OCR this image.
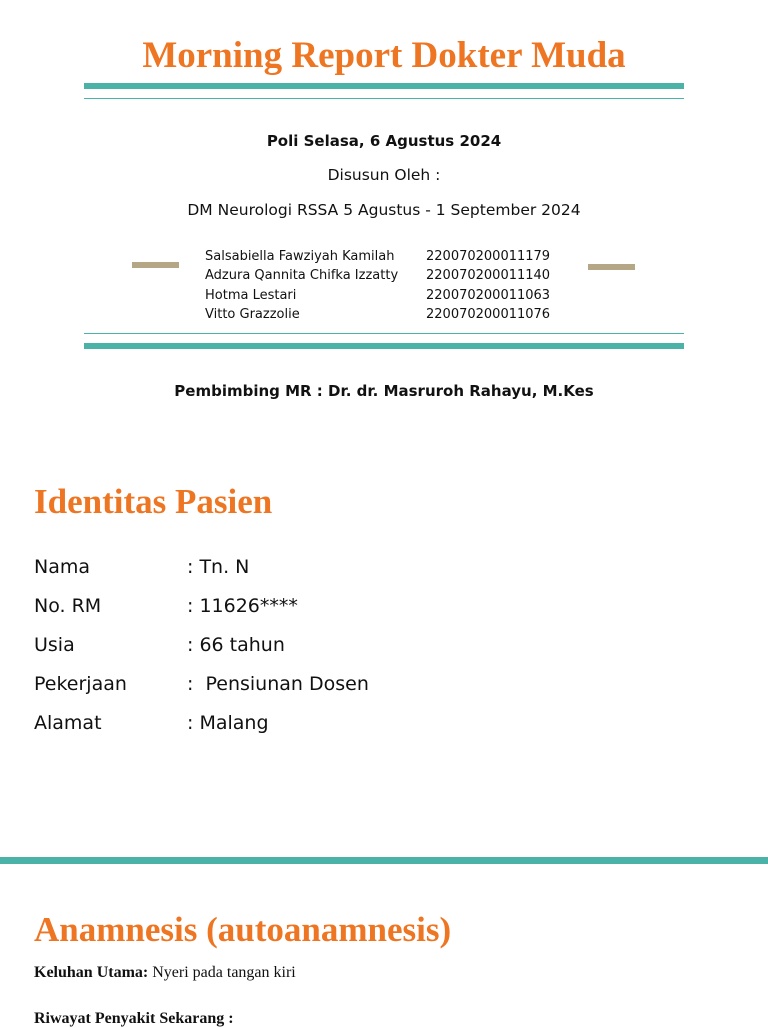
Morning Report Dokter Muda
Poli Selasa, 6 Agustus 2024
Disusun Oleh :
DM Neurologi RSSA 5 Agustus - 1 September 2024
Salsabiella Fawziyah Kamilah	220070200011179
Adzura Qannita Chifka Izzatty	220070200011140
Hotma Lestari	220070200011063
Vitto Grazzolie	220070200011076
Pembimbing MR : Dr. dr. Masruroh Rahayu, M.Kes
Identitas Pasien
Nama	: Tn. N
No. RM	: 11626****
Usia	: 66 tahun
Pekerjaan	:  Pensiunan Dosen
Alamat	: Malang
Anamnesis (autoanamnesis)
Keluhan Utama: Nyeri pada tangan kiri
Riwayat Penyakit Sekarang :
